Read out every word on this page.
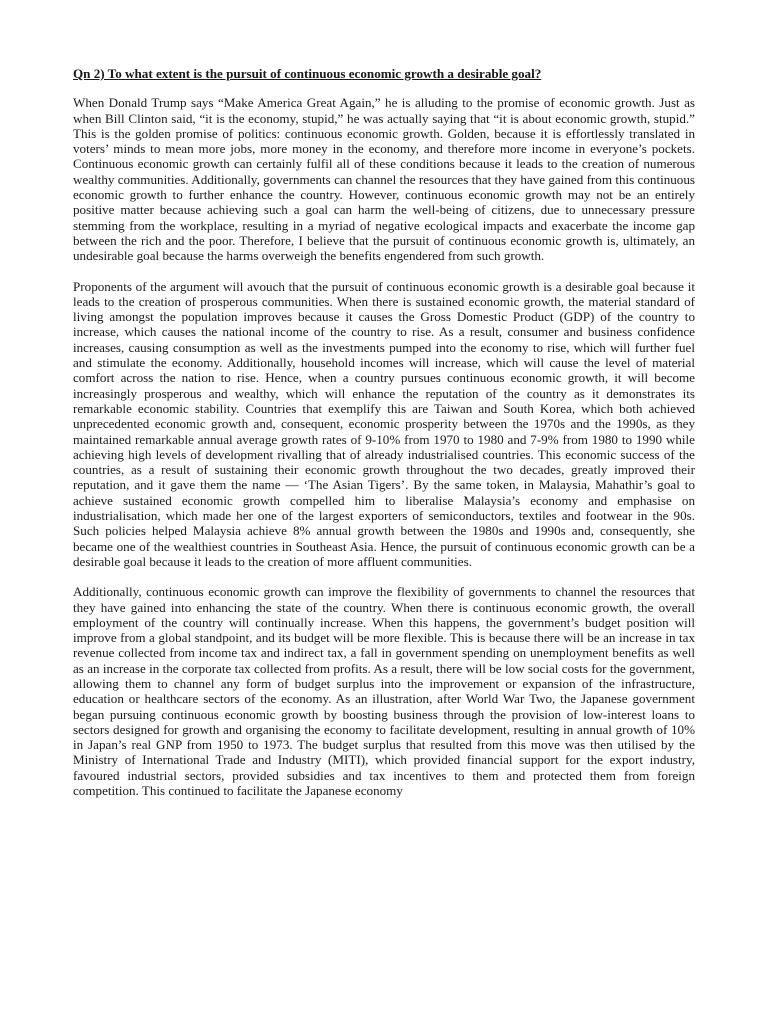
Qn 2) To what extent is the pursuit of continuous economic growth a desirable goal?

When Donald Trump says “Make America Great Again,” he is alluding to the promise of economic growth. Just as when Bill Clinton said, “it is the economy, stupid,” he was actually saying that “it is about economic growth, stupid.” This is the golden promise of politics: continuous economic growth. Golden, because it is effortlessly translated in voters’ minds to mean more jobs, more money in the economy, and therefore more income in everyone’s pockets. Continuous economic growth can certainly fulfil all of these conditions because it leads to the creation of numerous wealthy communities. Additionally, governments can channel the resources that they have gained from this continuous economic growth to further enhance the country. However, continuous economic growth may not be an entirely positive matter because achieving such a goal can harm the well-being of citizens, due to unnecessary pressure stemming from the workplace, resulting in a myriad of negative ecological impacts and exacerbate the income gap between the rich and the poor. Therefore, I believe that the pursuit of continuous economic growth is, ultimately, an undesirable goal because the harms overweigh the benefits engendered from such growth.

Proponents of the argument will avouch that the pursuit of continuous economic growth is a desirable goal because it leads to the creation of prosperous communities. When there is sustained economic growth, the material standard of living amongst the population improves because it causes the Gross Domestic Product (GDP) of the country to increase, which causes the national income of the country to rise. As a result, consumer and business confidence increases, causing consumption as well as the investments pumped into the economy to rise, which will further fuel and stimulate the economy. Additionally, household incomes will increase, which will cause the level of material comfort across the nation to rise. Hence, when a country pursues continuous economic growth, it will become increasingly prosperous and wealthy, which will enhance the reputation of the country as it demonstrates its remarkable economic stability. Countries that exemplify this are Taiwan and South Korea, which both achieved unprecedented economic growth and, consequent, economic prosperity between the 1970s and the 1990s, as they maintained remarkable annual average growth rates of 9-10% from 1970 to 1980 and 7-9% from 1980 to 1990 while achieving high levels of development rivalling that of already industrialised countries. This economic success of the countries, as a result of sustaining their economic growth throughout the two decades, greatly improved their reputation, and it gave them the name — ‘The Asian Tigers’. By the same token, in Malaysia, Mahathir’s goal to achieve sustained economic growth compelled him to liberalise Malaysia’s economy and emphasise on industrialisation, which made her one of the largest exporters of semiconductors, textiles and footwear in the 90s. Such policies helped Malaysia achieve 8% annual growth between the 1980s and 1990s and, consequently, she became one of the wealthiest countries in Southeast Asia. Hence, the pursuit of continuous economic growth can be a desirable goal because it leads to the creation of more affluent communities.

Additionally, continuous economic growth can improve the flexibility of governments to channel the resources that they have gained into enhancing the state of the country. When there is continuous economic growth, the overall employment of the country will continually increase. When this happens, the government’s budget position will improve from a global standpoint, and its budget will be more flexible. This is because there will be an increase in tax revenue collected from income tax and indirect tax, a fall in government spending on unemployment benefits as well as an increase in the corporate tax collected from profits. As a result, there will be low social costs for the government, allowing them to channel any form of budget surplus into the improvement or expansion of the infrastructure, education or healthcare sectors of the economy. As an illustration, after World War Two, the Japanese government began pursuing continuous economic growth by boosting business through the provision of low-interest loans to sectors designed for growth and organising the economy to facilitate development, resulting in annual growth of 10% in Japan’s real GNP from 1950 to 1973. The budget surplus that resulted from this move was then utilised by the Ministry of International Trade and Industry (MITI), which provided financial support for the export industry, favoured industrial sectors, provided subsidies and tax incentives to them and protected them from foreign competition. This continued to facilitate the Japanese economy
